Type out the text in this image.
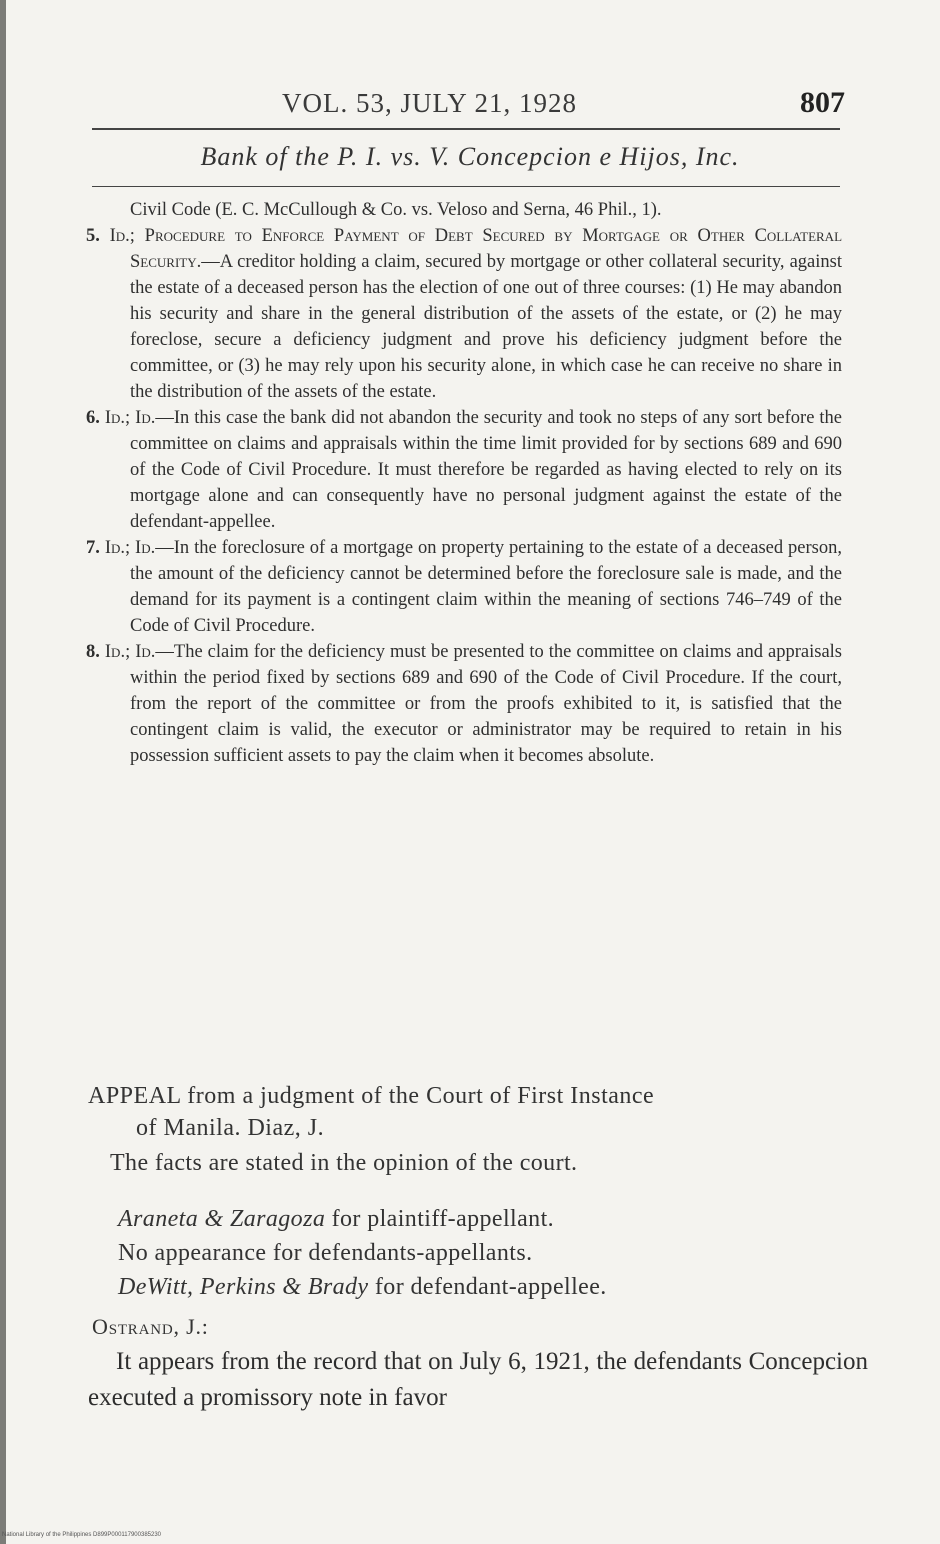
VOL. 53, JULY 21, 1928	807
Bank of the P. I. vs. V. Concepcion e Hijos, Inc.

Civil Code (E. C. McCullough & Co. vs. Veloso and Serna, 46 Phil., 1).

5. Id.; Procedure to Enforce Payment of Debt Secured by Mortgage or Other Collateral Security.—A creditor holding a claim, secured by mortgage or other collateral security, against the estate of a deceased person has the election of one out of three courses: (1) He may abandon his security and share in the general distribution of the assets of the estate, or (2) he may foreclose, secure a deficiency judgment and prove his deficiency judgment before the committee, or (3) he may rely upon his security alone, in which case he can receive no share in the distribution of the assets of the estate.

6. Id.; Id.—In this case the bank did not abandon the security and took no steps of any sort before the committee on claims and appraisals within the time limit provided for by sections 689 and 690 of the Code of Civil Procedure. It must therefore be regarded as having elected to rely on its mortgage alone and can consequently have no personal judgment against the estate of the defendant-appellee.

7. Id.; Id.—In the foreclosure of a mortgage on property pertaining to the estate of a deceased person, the amount of the deficiency cannot be determined before the foreclosure sale is made, and the demand for its payment is a contingent claim within the meaning of sections 746–749 of the Code of Civil Procedure.

8. Id.; Id.—The claim for the deficiency must be presented to the committee on claims and appraisals within the period fixed by sections 689 and 690 of the Code of Civil Procedure. If the court, from the report of the committee or from the proofs exhibited to it, is satisfied that the contingent claim is valid, the executor or administrator may be required to retain in his possession sufficient assets to pay the claim when it becomes absolute.

APPEAL from a judgment of the Court of First Instance
of Manila. Diaz, J.
The facts are stated in the opinion of the court.
Araneta & Zaragoza for plaintiff-appellant.
No appearance for defendants-appellants.
DeWitt, Perkins & Brady for defendant-appellee.
Ostrand, J.:

It appears from the record that on July 6, 1921, the defendants Concepcion executed a promissory note in favor

National Library of the Philippines D899P000117900385230
